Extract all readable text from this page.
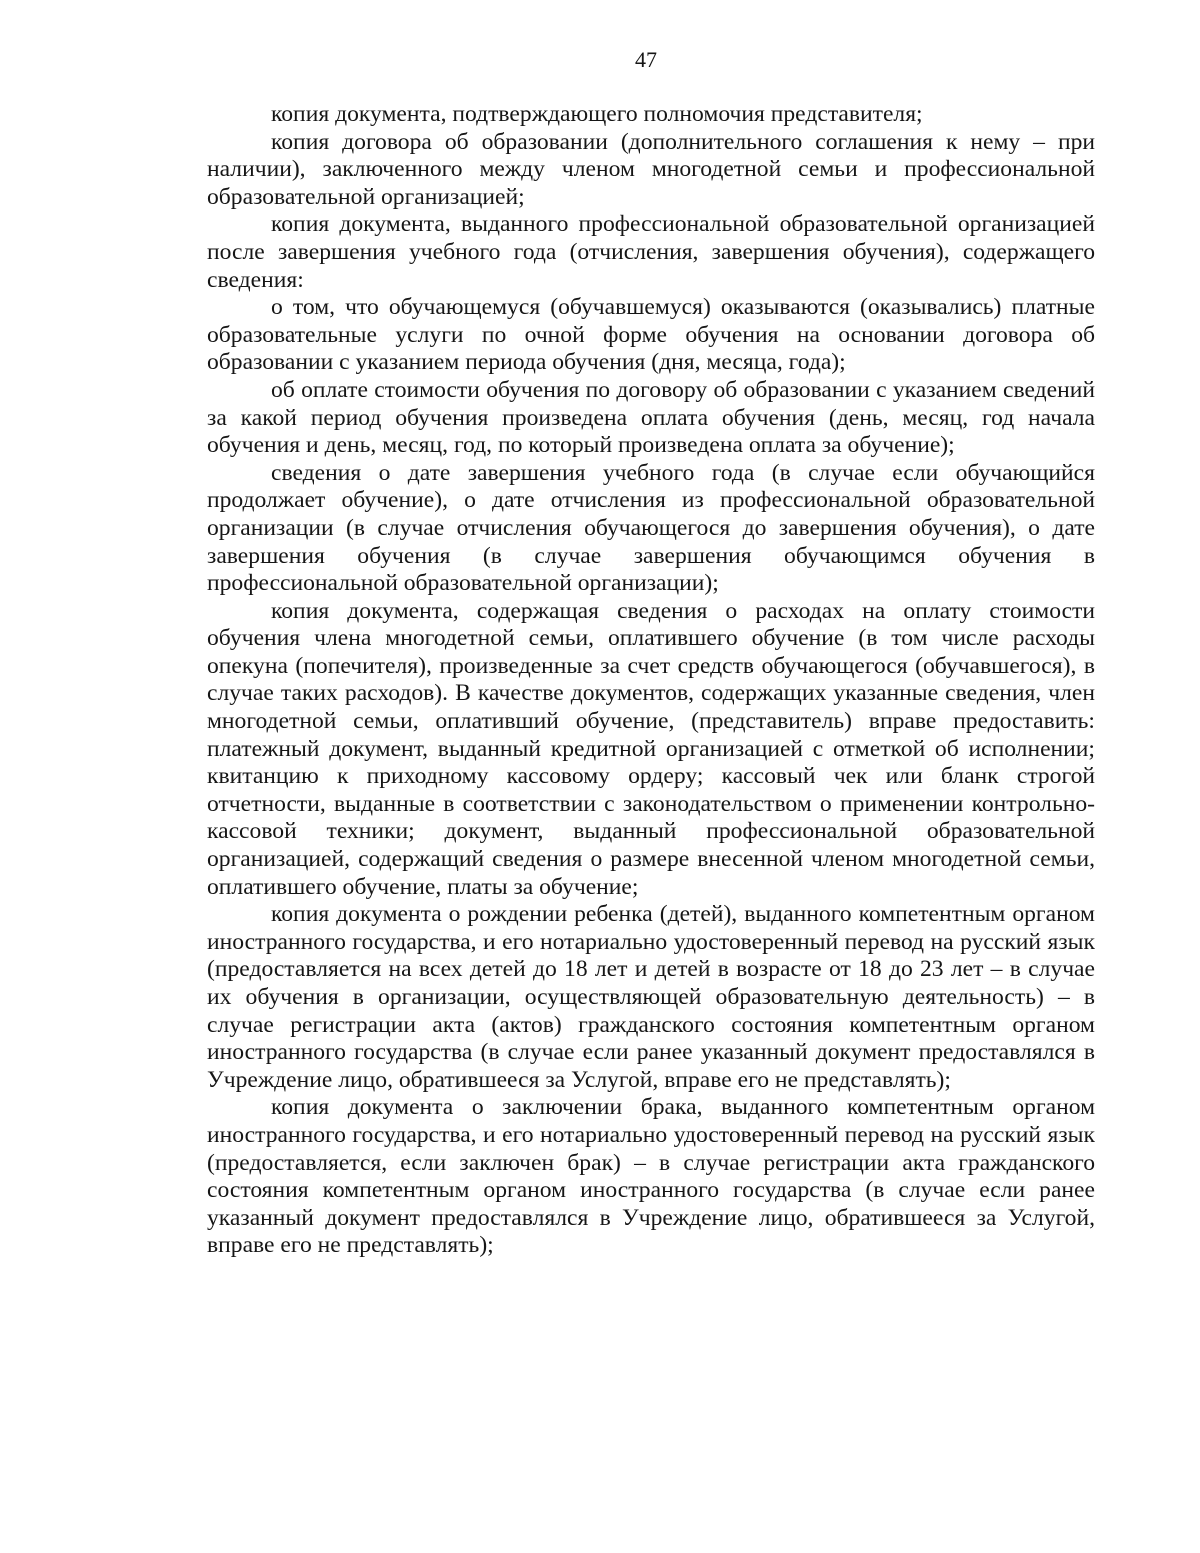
47

копия документа, подтверждающего полномочия представителя;

копия договора об образовании (дополнительного соглашения к нему – при наличии), заключенного между членом многодетной семьи и профессиональной образовательной организацией;

копия документа, выданного профессиональной образовательной организацией после завершения учебного года (отчисления, завершения обучения), содержащего сведения:

о том, что обучающемуся (обучавшемуся) оказываются (оказывались) платные образовательные услуги по очной форме обучения на основании договора об образовании с указанием периода обучения (дня, месяца, года);

об оплате стоимости обучения по договору об образовании с указанием сведений за какой период обучения произведена оплата обучения (день, месяц, год начала обучения и день, месяц, год, по который произведена оплата за обучение);

сведения о дате завершения учебного года (в случае если обучающийся продолжает обучение), о дате отчисления из профессиональной образовательной организации (в случае отчисления обучающегося до завершения обучения), о дате завершения обучения (в случае завершения обучающимся обучения в профессиональной образовательной организации);

копия документа, содержащая сведения о расходах на оплату стоимости обучения члена многодетной семьи, оплатившего обучение (в том числе расходы опекуна (попечителя), произведенные за счет средств обучающегося (обучавшегося), в случае таких расходов). В качестве документов, содержащих указанные сведения, член многодетной семьи, оплативший обучение, (представитель) вправе предоставить: платежный документ, выданный кредитной организацией с отметкой об исполнении; квитанцию к приходному кассовому ордеру; кассовый чек или бланк строгой отчетности, выданные в соответствии с законодательством о применении контрольно-кассовой техники; документ, выданный профессиональной образовательной организацией, содержащий сведения о размере внесенной членом многодетной семьи, оплатившего обучение, платы за обучение;

копия документа о рождении ребенка (детей), выданного компетентным органом иностранного государства, и его нотариально удостоверенный перевод на русский язык (предоставляется на всех детей до 18 лет и детей в возрасте от 18 до 23 лет – в случае их обучения в организации, осуществляющей образовательную деятельность) – в случае регистрации акта (актов) гражданского состояния компетентным органом иностранного государства (в случае если ранее указанный документ предоставлялся в Учреждение лицо, обратившееся за Услугой, вправе его не представлять);

копия документа о заключении брака, выданного компетентным органом иностранного государства, и его нотариально удостоверенный перевод на русский язык (предоставляется, если заключен брак) – в случае регистрации акта гражданского состояния компетентным органом иностранного государства (в случае если ранее указанный документ предоставлялся в Учреждение лицо, обратившееся за Услугой, вправе его не представлять);
